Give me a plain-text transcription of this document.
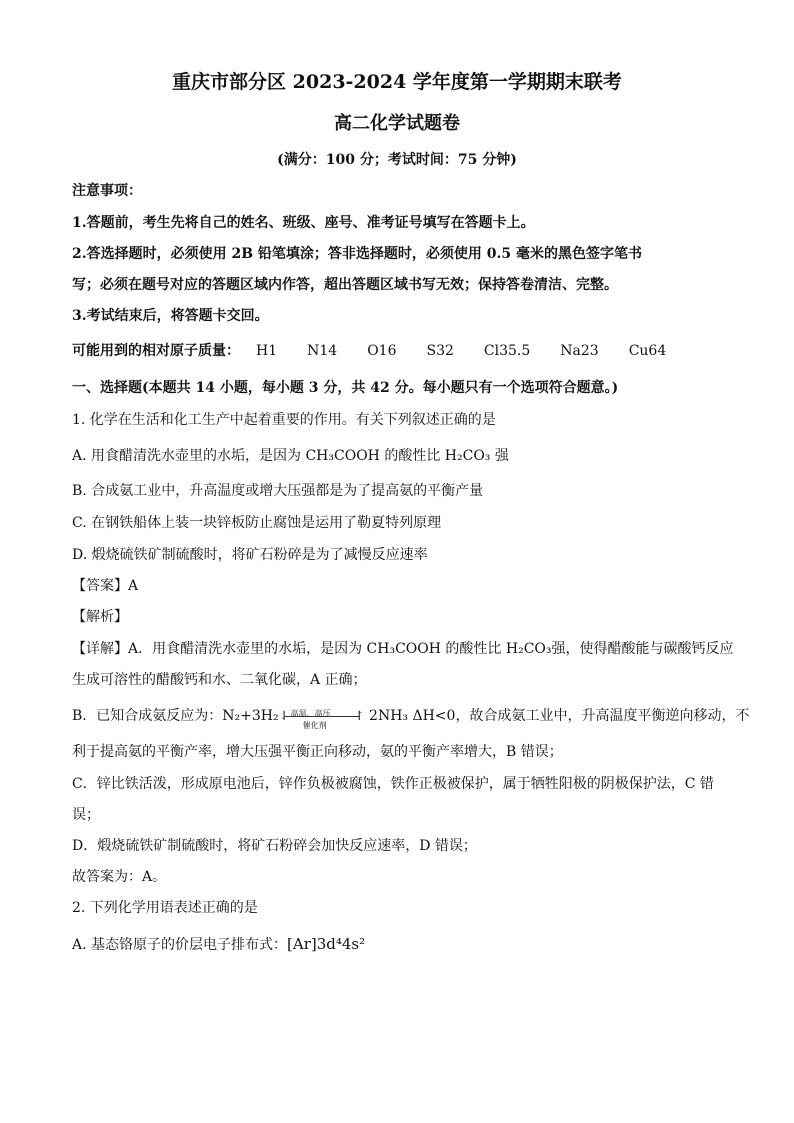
重庆市部分区 2023-2024 学年度第一学期期末联考
高二化学试题卷
(满分：100 分；考试时间：75 分钟)
注意事项：
1.答题前，考生先将自己的姓名、班级、座号、准考证号填写在答题卡上。
2.答选择题时，必须使用 2B 铅笔填涂；答非选择题时，必须使用 0.5 毫米的黑色签字笔书
写；必须在题号对应的答题区域内作答，超出答题区域书写无效；保持答卷清洁、完整。
3.考试结束后，将答题卡交回。
可能用到的相对原子质量： H1 N14 O16 S32 Cl35.5 Na23 Cu64
一、选择题(本题共 14 小题，每小题 3 分，共 42 分。每小题只有一个选项符合题意。)
1. 化学在生活和化工生产中起着重要的作用。有关下列叙述正确的是
A. 用食醋清洗水壶里的水垢，是因为 CH₃COOH 的酸性比 H₂CO₃ 强
B. 合成氨工业中，升高温度或增大压强都是为了提高氨的平衡产量
C. 在钢铁船体上装一块锌板防止腐蚀是运用了勒夏特列原理
D. 煅烧硫铁矿制硫酸时，将矿石粉碎是为了减慢反应速率
【答案】A
【解析】
【详解】A．用食醋清洗水壶里的水垢，是因为 CH₃COOH 的酸性比 H₂CO₃强，使得醋酸能与碳酸钙反应
生成可溶性的醋酸钙和水、二氧化碳，A 正确；
B．已知合成氨反应为：N₂+3H₂ ⇃ 高温、高压
催化剂
↾ 2NH₃ ΔH<0，故合成氨工业中，升高温度平衡逆向移动，不
利于提高氨的平衡产率，增大压强平衡正向移动，氨的平衡产率增大，B 错误；
C．锌比铁活泼，形成原电池后，锌作负极被腐蚀，铁作正极被保护，属于牺牲阳极的阴极保护法，C 错
误；
D．煅烧硫铁矿制硫酸时，将矿石粉碎会加快反应速率，D 错误；
故答案为：A。
2. 下列化学用语表述正确的是
A. 基态铬原子的价层电子排布式：[Ar]3d⁴4s²
